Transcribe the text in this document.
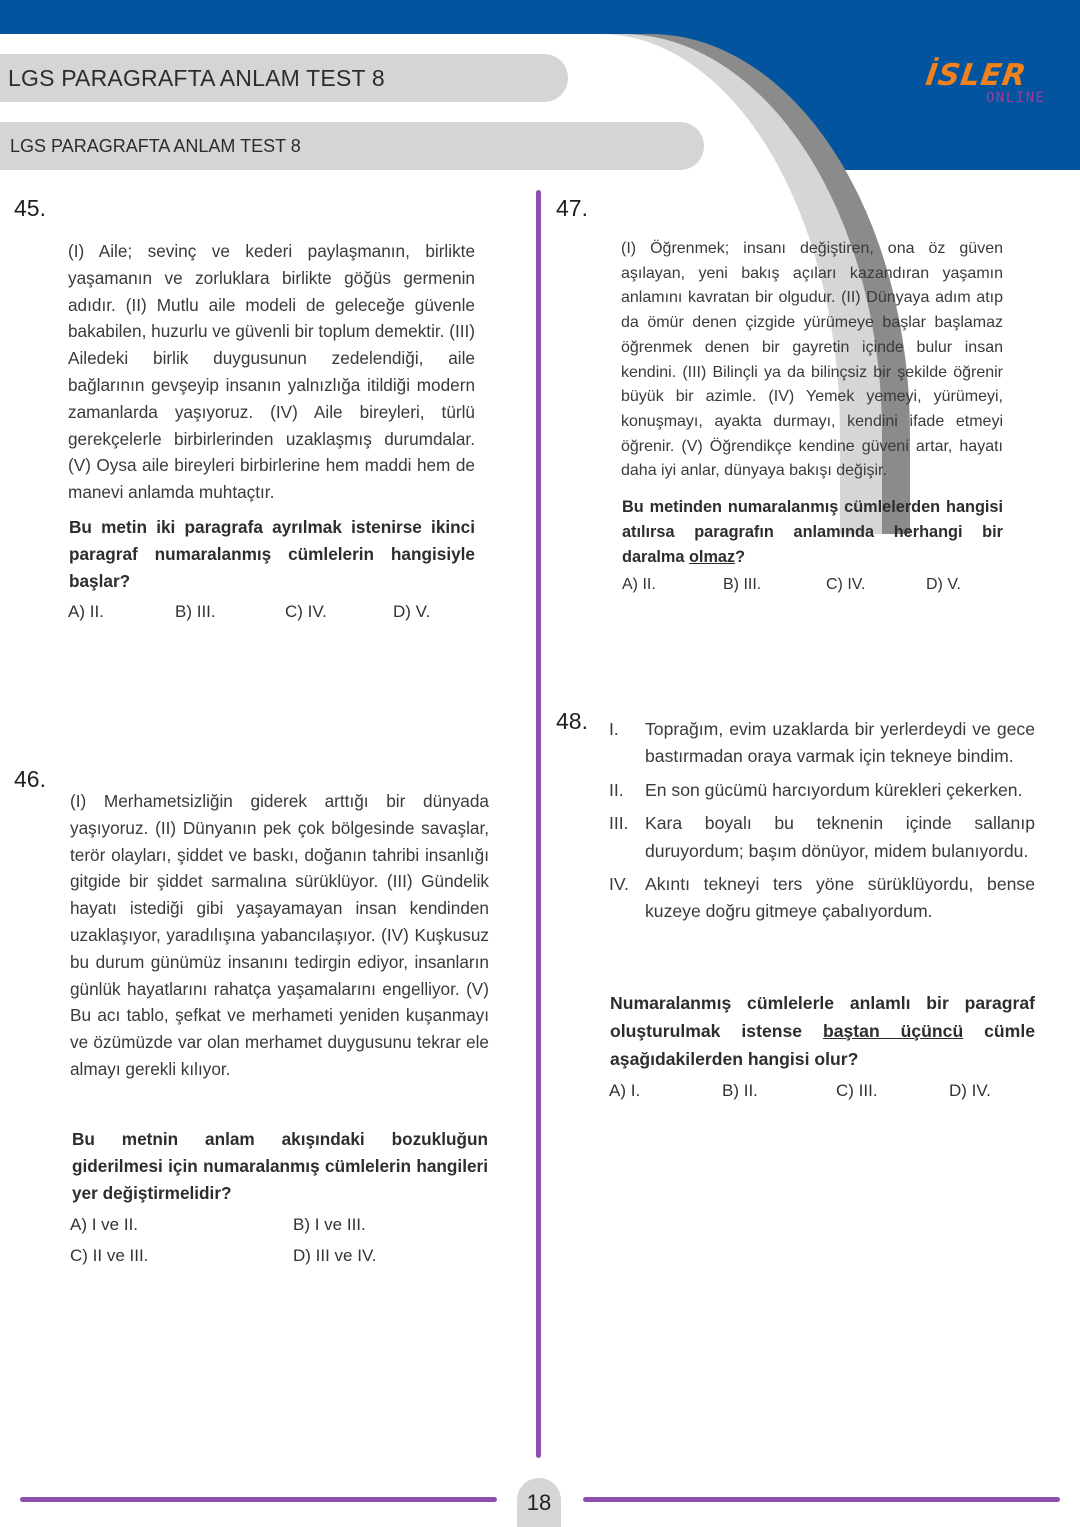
LGS PARAGRAFTA ANLAM TEST 8
LGS PARAGRAFTA ANLAM TEST 8
İSLER
ONLINE
45.

(I) Aile; sevinç ve kederi paylaşmanın, birlikte yaşamanın ve zorluklara birlikte göğüs germenin adıdır. (II) Mutlu aile modeli de geleceğe güvenle bakabilen, huzurlu ve güvenli bir toplum demektir. (III) Ailedeki birlik duygusunun zedelendiği, aile bağlarının gevşeyip insanın yalnızlığa itildiği modern zamanlarda yaşıyoruz. (IV) Aile bireyleri, türlü gerekçelerle birbirlerinden uzaklaşmış durumdalar. (V) Oysa aile bireyleri birbirlerine hem maddi hem de manevi anlamda muhtaçtır.

Bu metin iki paragrafa ayrılmak istenirse ikinci paragraf numaralanmış cümlelerin hangisiyle başlar?

A) II.	B) III.	C) IV.	D) V.
46.

(I) Merhametsizliğin giderek arttığı bir dünyada yaşıyoruz. (II) Dünyanın pek çok bölgesinde savaşlar, terör olayları, şiddet ve baskı, doğanın tahribi insanlığı gitgide bir şiddet sarmalına sürüklüyor. (III) Gündelik hayatı istediği gibi yaşayamayan insan kendinden uzaklaşıyor, yaradılışına yabancılaşıyor. (IV) Kuşkusuz bu durum günümüz insanını tedirgin ediyor, insanların günlük hayatlarını rahatça yaşamalarını engelliyor. (V) Bu acı tablo, şefkat ve merhameti yeniden kuşanmayı ve özümüzde var olan merhamet duygusunu tekrar ele almayı gerekli kılıyor.

Bu metnin anlam akışındaki bozukluğun giderilmesi için numaralanmış cümlelerin hangileri yer değiştirmelidir?

A) I ve II.	B) I ve III.
C) II ve III.	D) III ve IV.
47.

(I) Öğrenmek; insanı değiştiren, ona öz güven aşılayan, yeni bakış açıları kazandıran yaşamın anlamını kavratan bir olgudur. (II) Dünyaya adım atıp da ömür denen çizgide yürümeye başlar başlamaz öğrenmek denen bir gayretin içinde bulur insan kendini. (III) Bilinçli ya da bilinçsiz bir şekilde öğrenir büyük bir azimle. (IV) Yemek yemeyi, yürümeyi, konuşmayı, ayakta durmayı, kendini ifade etmeyi öğrenir. (V) Öğrendikçe kendine güveni artar, hayatı daha iyi anlar, dünyaya bakışı değişir.

Bu metinden numaralanmış cümlelerden hangisi atılırsa paragrafın anlamında herhangi bir daralma olmaz?

A) II.	B) III.	C) IV.	D) V.
48. I.	Toprağım, evim uzaklarda bir yerlerdeydi ve gece bastırmadan oraya varmak için tekneye bindim.
II.	En son gücümü harcıyordum kürekleri çekerken.
III. Kara boyalı bu teknenin içinde sallanıp duruyordum; başım dönüyor, midem bulanıyordu.
IV. Akıntı tekneyi ters yöne sürüklüyordu, bense kuzeye doğru gitmeye çabalıyordum.

Numaralanmış cümlelerle anlamlı bir paragraf oluşturulmak istense baştan üçüncü cümle aşağıdakilerden hangisi olur?

A) I.	B) II.	C) III.	D) IV.
18
